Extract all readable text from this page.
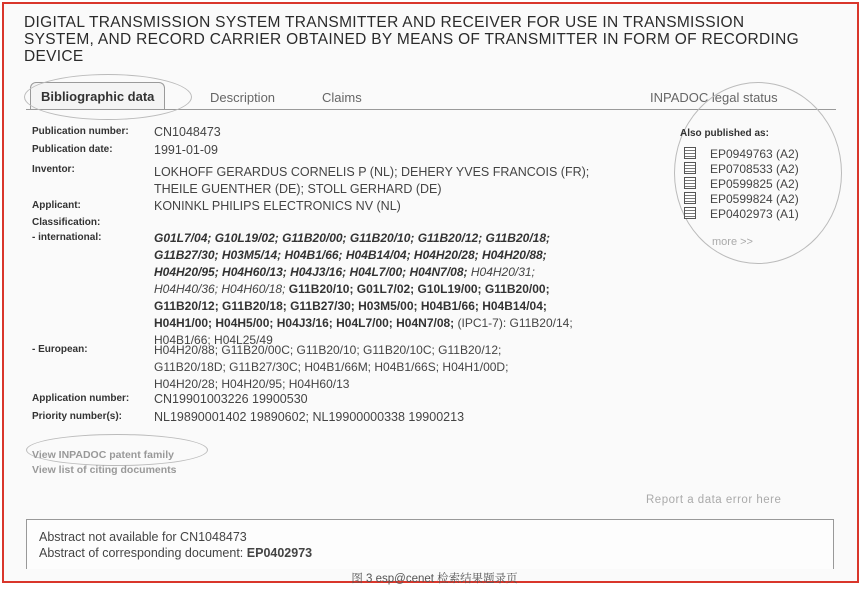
DIGITAL TRANSMISSION SYSTEM TRANSMITTER AND RECEIVER FOR USE IN TRANSMISSION SYSTEM, AND RECORD CARRIER OBTAINED BY MEANS OF TRANSMITTER IN FORM OF RECORDING DEVICE
Bibliographic data	Description	Claims	INPADOC legal status
Publication number: CN1048473
Publication date:	1991-01-09
Inventor:	LOKHOFF GERARDUS CORNELIS P (NL); DEHERY YVES FRANCOIS (FR);
THEILE GUENTHER (DE); STOLL GERHARD (DE)
Applicant:	KONINKL PHILIPS ELECTRONICS NV (NL)
Classification:
- international:	G01L7/04; G10L19/02; G11B20/00; G11B20/10; G11B20/12; G11B20/18;
G11B27/30; H03M5/14; H04B1/66; H04B14/04; H04H20/28; H04H20/88;
H04H20/95; H04H60/13; H04J3/16; H04L7/00; H04N7/08; H04H20/31;
H04H40/36; H04H60/18; G11B20/10; G01L7/02; G10L19/00; G11B20/00;
G11B20/12; G11B20/18; G11B27/30; H03M5/00; H04B1/66; H04B14/04;
H04H1/00; H04H5/00; H04J3/16; H04L7/00; H04N7/08; (IPC1-7): G11B20/14;
H04B1/66; H04L25/49
- European:	H04H20/88; G11B20/00C; G11B20/10; G11B20/10C; G11B20/12;
G11B20/18D; G11B27/30C; H04B1/66M; H04B1/66S; H04H1/00D;
H04H20/28; H04H20/95; H04H60/13
Application number: CN19901003226 19900530
Priority number(s):	NL19890001402 19890602; NL19900000338 19900213
Also published as:
EP0949763 (A2)
EP0708533 (A2)
EP0599825 (A2)
EP0599824 (A2)
EP0402973 (A1)
more >>
View INPADOC patent family
View list of citing documents
Report a data error here
Abstract not available for CN1048473
Abstract of corresponding document: EP0402973
图 3 esp@cenet 检索结果题录页
